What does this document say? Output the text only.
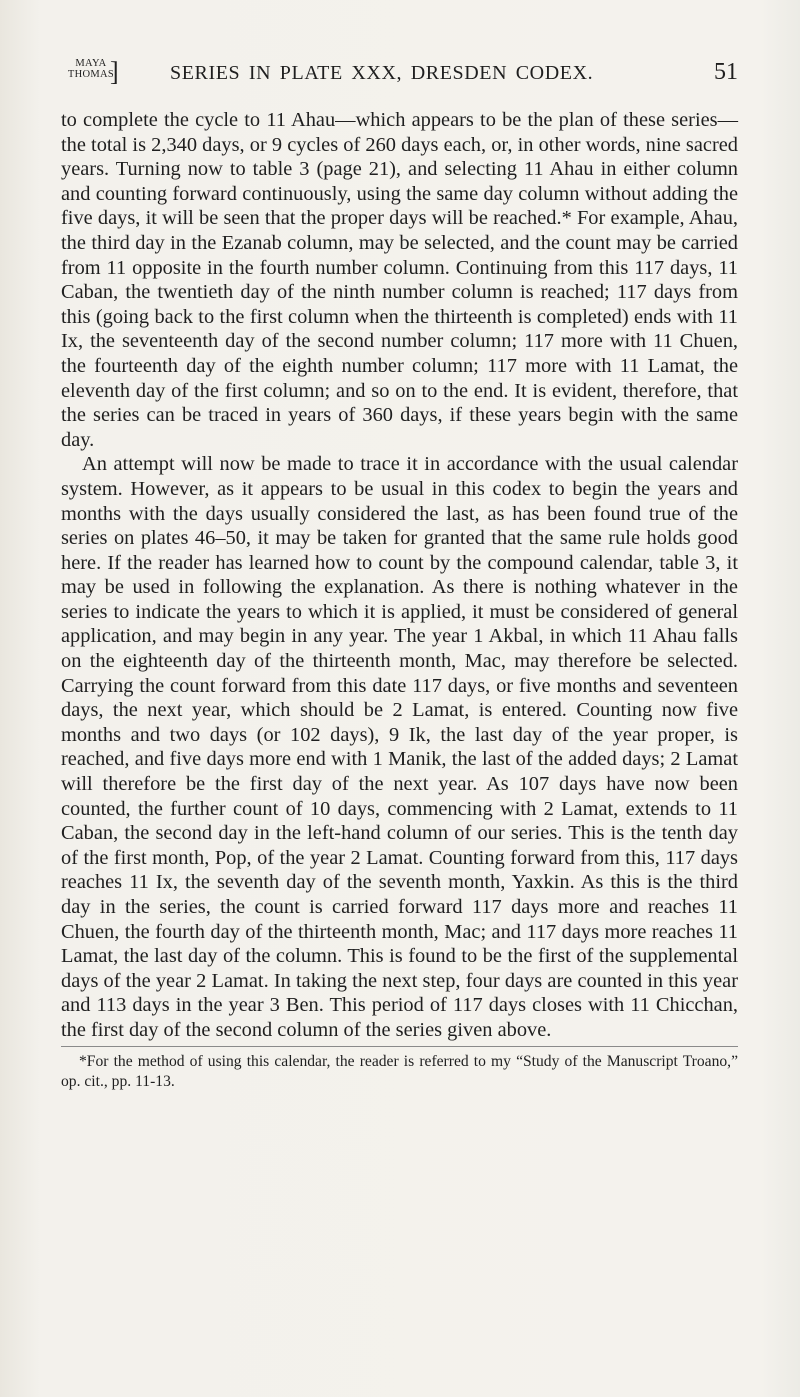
MAYA
THOMAS
]	SERIES IN PLATE XXX, DRESDEN CODEX.	51

to complete the cycle to 11 Ahau—which appears to be the plan of these series—the total is 2,340 days, or 9 cycles of 260 days each, or, in other words, nine sacred years. Turning now to table 3 (page 21), and selecting 11 Ahau in either column and counting forward continuously, using the same day column without adding the five days, it will be seen that the proper days will be reached.* For example, Ahau, the third day in the Ezanab column, may be selected, and the count may be carried from 11 opposite in the fourth number column. Continuing from this 117 days, 11 Caban, the twentieth day of the ninth number column is reached; 117 days from this (going back to the first column when the thirteenth is completed) ends with 11 Ix, the seventeenth day of the second number column; 117 more with 11 Chuen, the fourteenth day of the eighth number column; 117 more with 11 Lamat, the eleventh day of the first column; and so on to the end. It is evident, therefore, that the series can be traced in years of 360 days, if these years begin with the same day.

An attempt will now be made to trace it in accordance with the usual calendar system. However, as it appears to be usual in this codex to begin the years and months with the days usually considered the last, as has been found true of the series on plates 46–50, it may be taken for granted that the same rule holds good here. If the reader has learned how to count by the compound calendar, table 3, it may be used in following the explanation. As there is nothing whatever in the series to indicate the years to which it is applied, it must be considered of general application, and may begin in any year. The year 1 Akbal, in which 11 Ahau falls on the eighteenth day of the thirteenth month, Mac, may therefore be selected. Carrying the count forward from this date 117 days, or five months and seventeen days, the next year, which should be 2 Lamat, is entered. Counting now five months and two days (or 102 days), 9 Ik, the last day of the year proper, is reached, and five days more end with 1 Manik, the last of the added days; 2 Lamat will therefore be the first day of the next year. As 107 days have now been counted, the further count of 10 days, commencing with 2 Lamat, extends to 11 Caban, the second day in the left-hand column of our series. This is the tenth day of the first month, Pop, of the year 2 Lamat. Counting forward from this, 117 days reaches 11 Ix, the seventh day of the seventh month, Yaxkin. As this is the third day in the series, the count is carried forward 117 days more and reaches 11 Chuen, the fourth day of the thirteenth month, Mac; and 117 days more reaches 11 Lamat, the last day of the column. This is found to be the first of the supplemental days of the year 2 Lamat. In taking the next step, four days are counted in this year and 113 days in the year 3 Ben. This period of 117 days closes with 11 Chicchan, the first day of the second column of the series given above.

*For the method of using this calendar, the reader is referred to my “Study of the Manuscript Troano,” op. cit., pp. 11-13.
